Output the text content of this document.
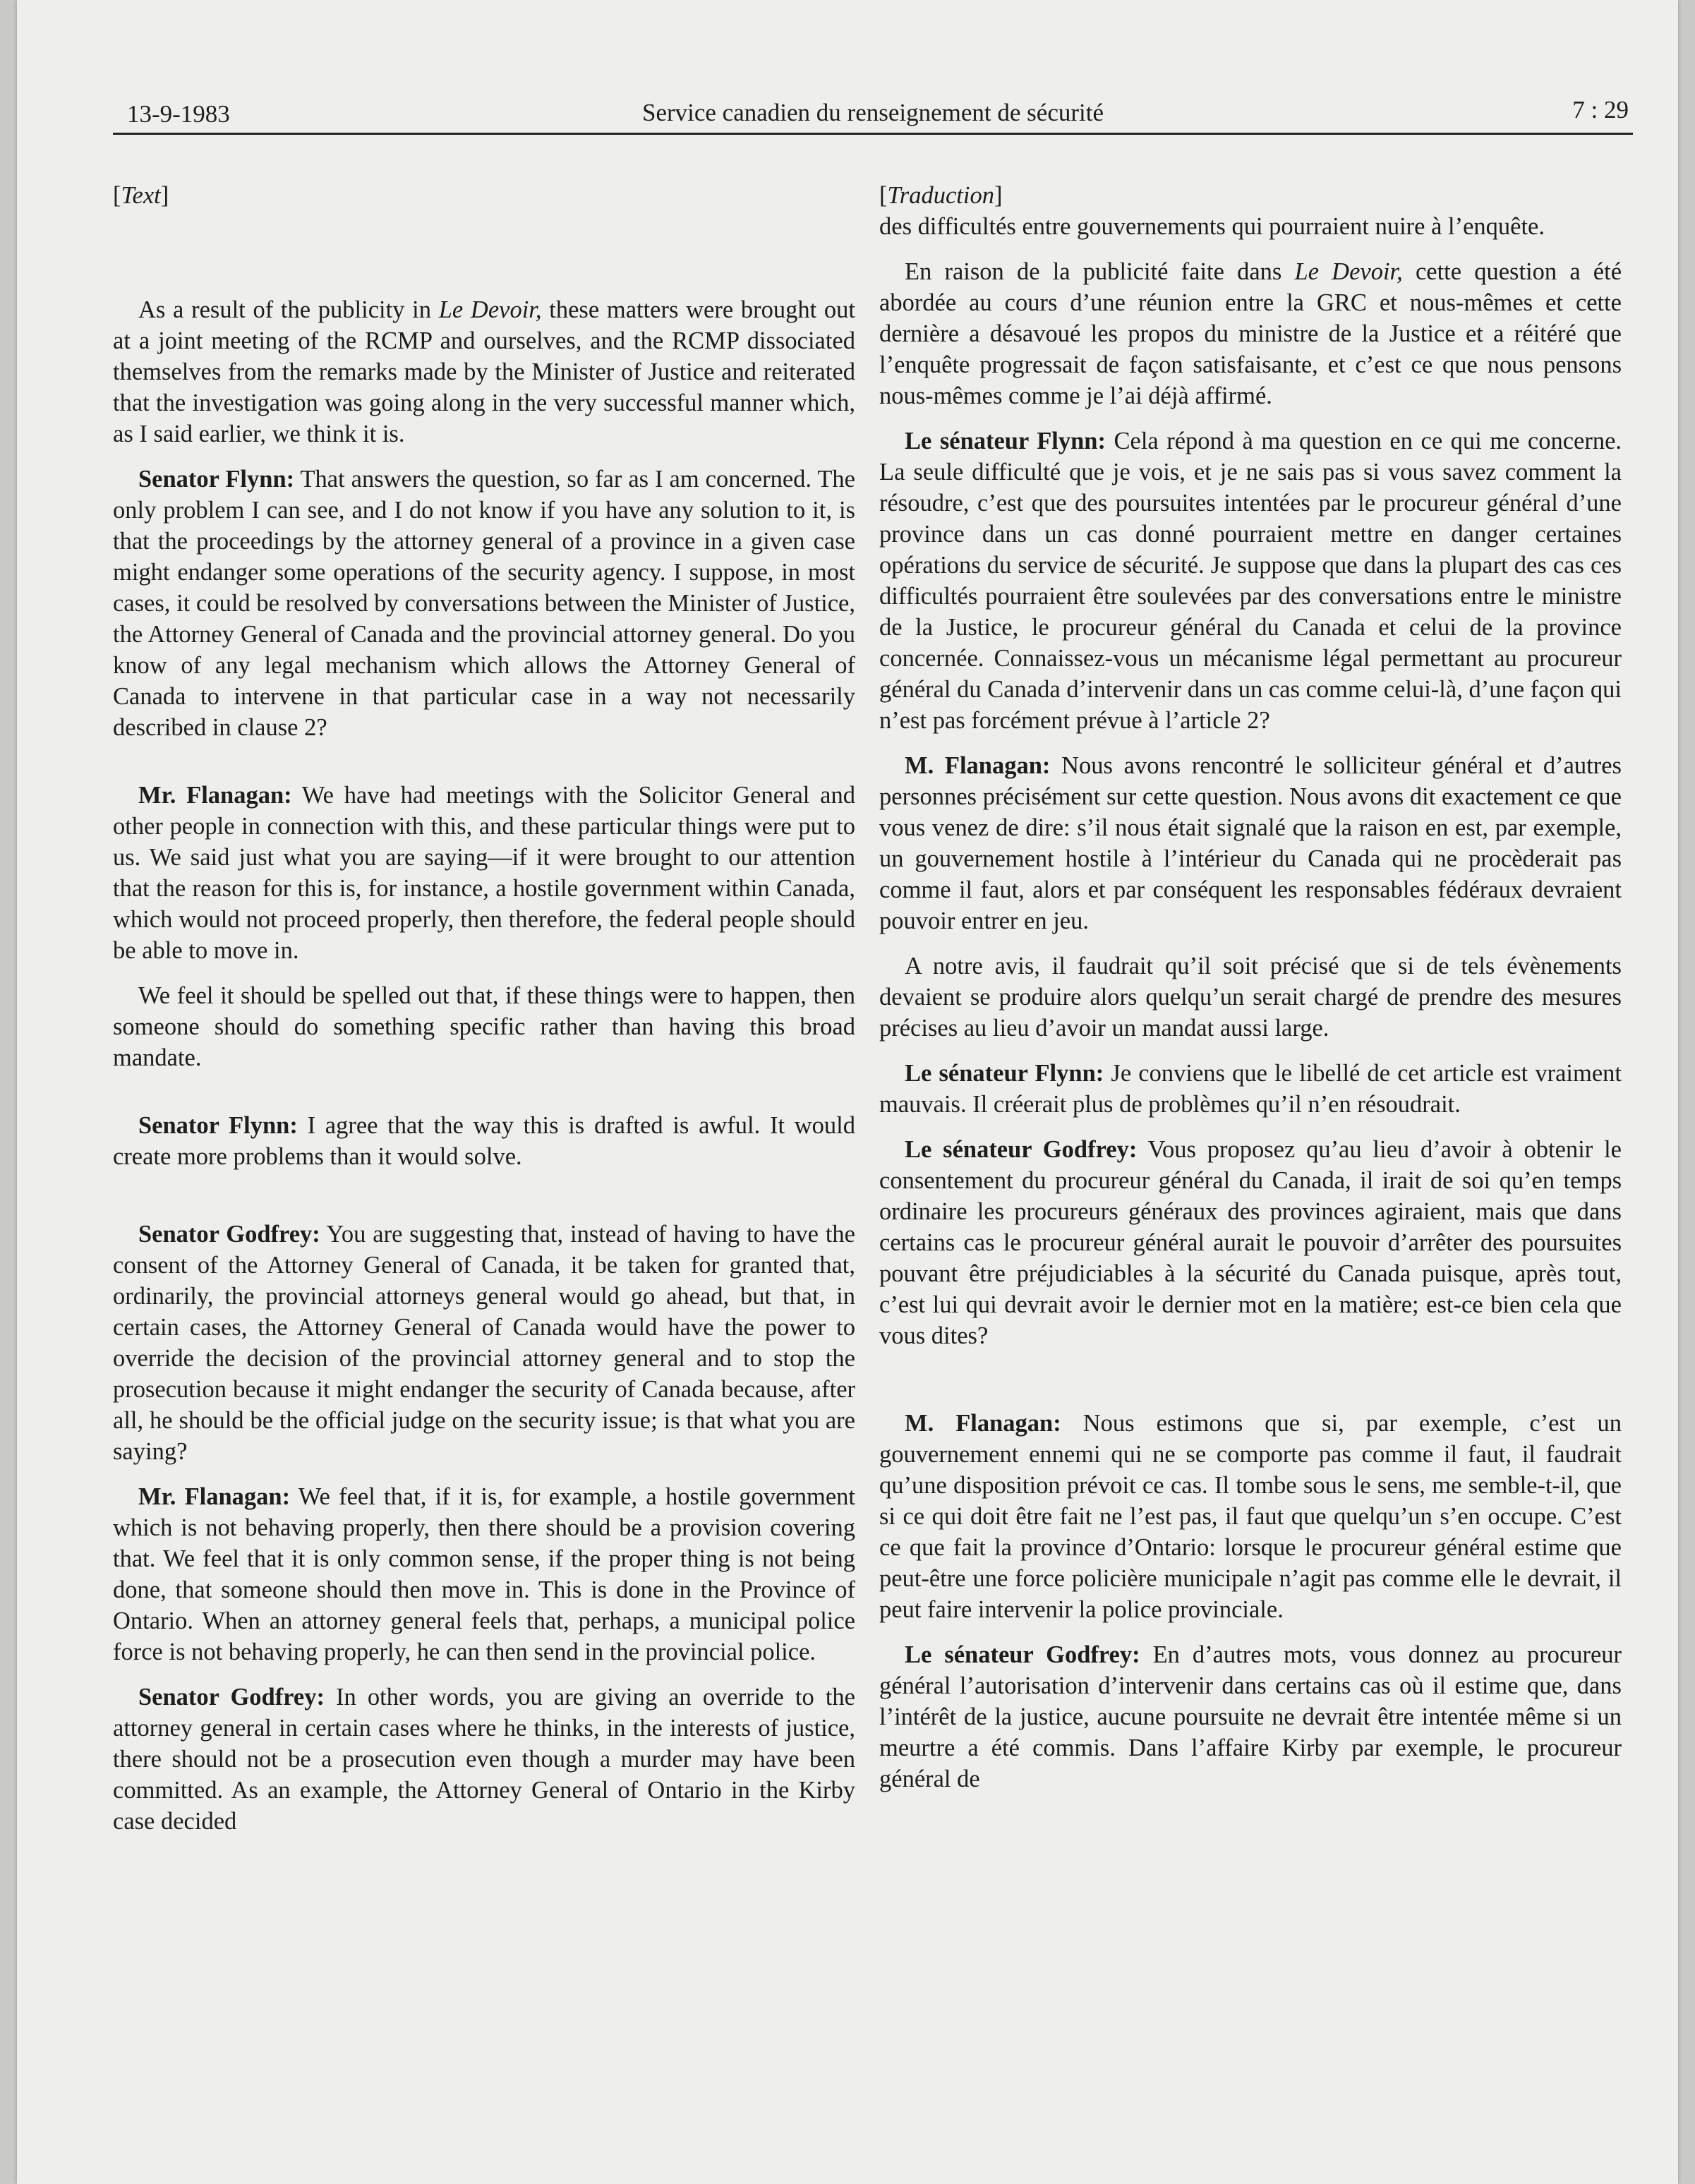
13-9-1983	Service canadien du renseignement de sécurité	7 : 29

[Text]

As a result of the publicity in Le Devoir, these matters were brought out at a joint meeting of the RCMP and ourselves, and the RCMP dissociated themselves from the remarks made by the Minister of Justice and reiterated that the investigation was going along in the very successful manner which, as I said earlier, we think it is.

Senator Flynn: That answers the question, so far as I am concerned. The only problem I can see, and I do not know if you have any solution to it, is that the proceedings by the attorney general of a province in a given case might endanger some operations of the security agency. I suppose, in most cases, it could be resolved by conversations between the Minister of Justice, the Attorney General of Canada and the provincial attorney general. Do you know of any legal mechanism which allows the Attorney General of Canada to intervene in that particular case in a way not necessarily described in clause 2?

Mr. Flanagan: We have had meetings with the Solicitor General and other people in connection with this, and these particular things were put to us. We said just what you are saying—if it were brought to our attention that the reason for this is, for instance, a hostile government within Canada, which would not proceed properly, then therefore, the federal people should be able to move in.

We feel it should be spelled out that, if these things were to happen, then someone should do something specific rather than having this broad mandate.

Senator Flynn: I agree that the way this is drafted is awful. It would create more problems than it would solve.

Senator Godfrey: You are suggesting that, instead of having to have the consent of the Attorney General of Canada, it be taken for granted that, ordinarily, the provincial attorneys general would go ahead, but that, in certain cases, the Attorney General of Canada would have the power to override the decision of the provincial attorney general and to stop the prosecution because it might endanger the security of Canada because, after all, he should be the official judge on the security issue; is that what you are saying?

Mr. Flanagan: We feel that, if it is, for example, a hostile government which is not behaving properly, then there should be a provision covering that. We feel that it is only common sense, if the proper thing is not being done, that someone should then move in. This is done in the Province of Ontario. When an attorney general feels that, perhaps, a municipal police force is not behaving properly, he can then send in the provincial police.

Senator Godfrey: In other words, you are giving an override to the attorney general in certain cases where he thinks, in the interests of justice, there should not be a prosecution even though a murder may have been committed. As an example, the Attorney General of Ontario in the Kirby case decided

[Traduction]

des difficultés entre gouvernements qui pourraient nuire à l’enquête.

En raison de la publicité faite dans Le Devoir, cette question a été abordée au cours d’une réunion entre la GRC et nous-mêmes et cette dernière a désavoué les propos du ministre de la Justice et a réitéré que l’enquête progressait de façon satisfaisante, et c’est ce que nous pensons nous-mêmes comme je l’ai déjà affirmé.

Le sénateur Flynn: Cela répond à ma question en ce qui me concerne. La seule difficulté que je vois, et je ne sais pas si vous savez comment la résoudre, c’est que des poursuites intentées par le procureur général d’une province dans un cas donné pourraient mettre en danger certaines opérations du service de sécurité. Je suppose que dans la plupart des cas ces difficultés pourraient être soulevées par des conversations entre le ministre de la Justice, le procureur général du Canada et celui de la province concernée. Connaissez-vous un mécanisme légal permettant au procureur général du Canada d’intervenir dans un cas comme celui-là, d’une façon qui n’est pas forcément prévue à l’article 2?

M. Flanagan: Nous avons rencontré le solliciteur général et d’autres personnes précisément sur cette question. Nous avons dit exactement ce que vous venez de dire: s’il nous était signalé que la raison en est, par exemple, un gouvernement hostile à l’intérieur du Canada qui ne procèderait pas comme il faut, alors et par conséquent les responsables fédéraux devraient pouvoir entrer en jeu.

A notre avis, il faudrait qu’il soit précisé que si de tels évènements devaient se produire alors quelqu’un serait chargé de prendre des mesures précises au lieu d’avoir un mandat aussi large.

Le sénateur Flynn: Je conviens que le libellé de cet article est vraiment mauvais. Il créerait plus de problèmes qu’il n’en résoudrait.

Le sénateur Godfrey: Vous proposez qu’au lieu d’avoir à obtenir le consentement du procureur général du Canada, il irait de soi qu’en temps ordinaire les procureurs généraux des provinces agiraient, mais que dans certains cas le procureur général aurait le pouvoir d’arrêter des poursuites pouvant être préjudiciables à la sécurité du Canada puisque, après tout, c’est lui qui devrait avoir le dernier mot en la matière; est-ce bien cela que vous dites?

M. Flanagan: Nous estimons que si, par exemple, c’est un gouvernement ennemi qui ne se comporte pas comme il faut, il faudrait qu’une disposition prévoit ce cas. Il tombe sous le sens, me semble-t-il, que si ce qui doit être fait ne l’est pas, il faut que quelqu’un s’en occupe. C’est ce que fait la province d’Ontario: lorsque le procureur général estime que peut-être une force policière municipale n’agit pas comme elle le devrait, il peut faire intervenir la police provinciale.

Le sénateur Godfrey: En d’autres mots, vous donnez au procureur général l’autorisation d’intervenir dans certains cas où il estime que, dans l’intérêt de la justice, aucune poursuite ne devrait être intentée même si un meurtre a été commis. Dans l’affaire Kirby par exemple, le procureur général de
